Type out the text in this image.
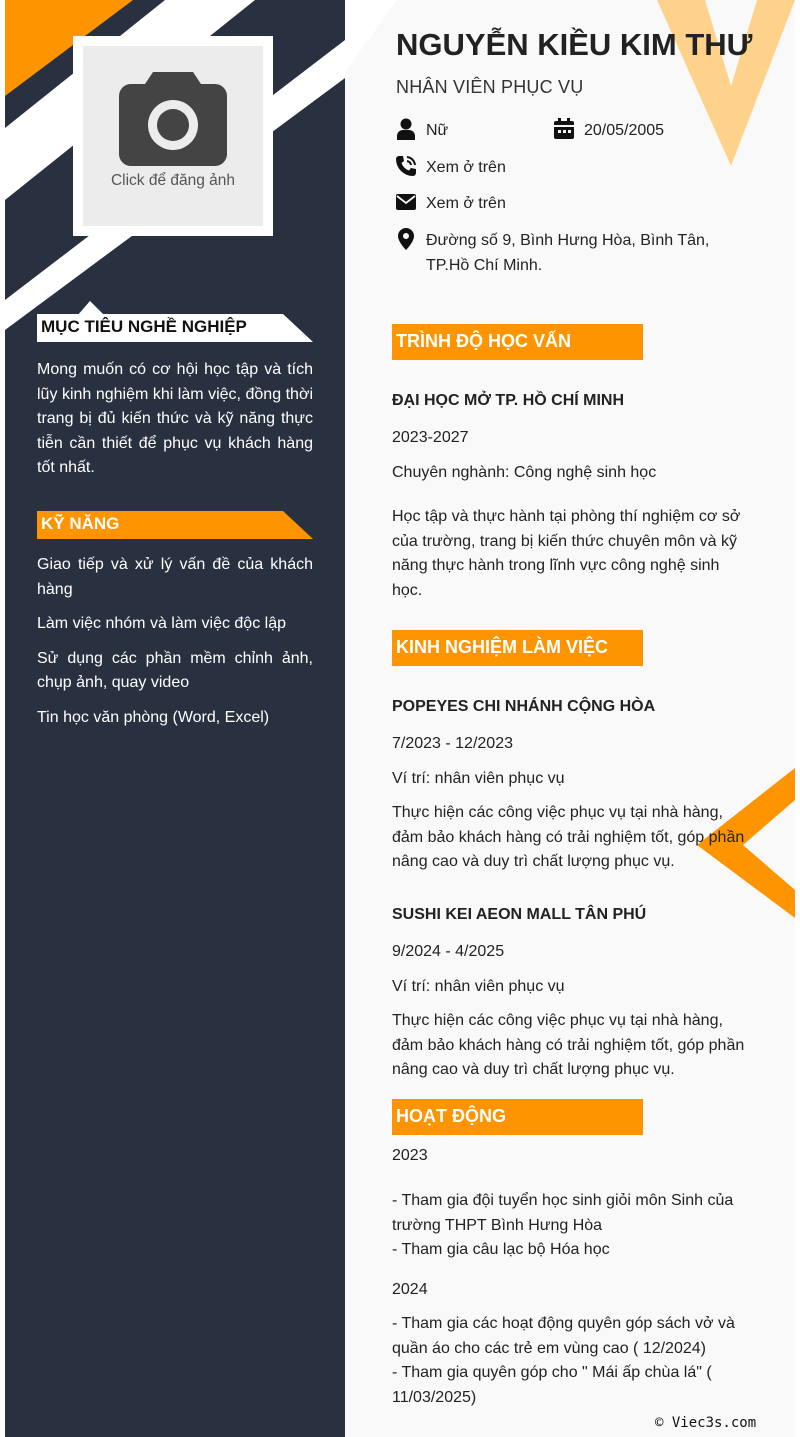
Click để đăng ảnh
MỤC TIÊU NGHỀ NGHIỆP
Mong muốn có cơ hội học tập và tích lũy kinh nghiệm khi làm việc, đồng thời trang bị đủ kiến thức và kỹ năng thực tiễn cần thiết để phục vụ khách hàng tốt nhất.
KỸ NĂNG
Giao tiếp và xử lý vấn đề của khách hàng
Làm việc nhóm và làm việc độc lập
Sử dụng các phần mềm chỉnh ảnh, chụp ảnh, quay video
Tin học văn phòng (Word, Excel)
NGUYỄN KIỀU KIM THƯ
NHÂN VIÊN PHỤC VỤ
Nữ	20/05/2005
Xem ở trên
Xem ở trên
Đường số 9, Bình Hưng Hòa, Bình Tân,
TP.Hồ Chí Minh.
TRÌNH ĐỘ HỌC VẤN
ĐẠI HỌC MỞ TP. HỒ CHÍ MINH
2023-2027
Chuyên nghành: Công nghệ sinh học
Học tập và thực hành tại phòng thí nghiệm cơ sở của trường, trang bị kiến thức chuyên môn và kỹ năng thực hành trong lĩnh vực công nghệ sinh học.
KINH NGHIỆM LÀM VIỆC
POPEYES CHI NHÁNH CỘNG HÒA
7/2023 - 12/2023
Ví trí: nhân viên phục vụ
Thực hiện các công việc phục vụ tại nhà hàng, đảm bảo khách hàng có trải nghiệm tốt, góp phần nâng cao và duy trì chất lượng phục vụ.
SUSHI KEI AEON MALL TÂN PHÚ
9/2024 - 4/2025
Ví trí: nhân viên phục vụ
Thực hiện các công việc phục vụ tại nhà hàng, đảm bảo khách hàng có trải nghiệm tốt, góp phần nâng cao và duy trì chất lượng phục vụ.
HOẠT ĐỘNG
2023
- Tham gia đội tuyển học sinh giỏi môn Sinh của trường THPT Bình Hưng Hòa
- Tham gia câu lạc bộ Hóa học
2024
- Tham gia các hoạt động quyên góp sách vở và quần áo cho các trẻ em vùng cao ( 12/2024)
- Tham gia quyên góp cho " Mái ấp chùa lá" ( 11/03/2025)
© Viec3s.com
